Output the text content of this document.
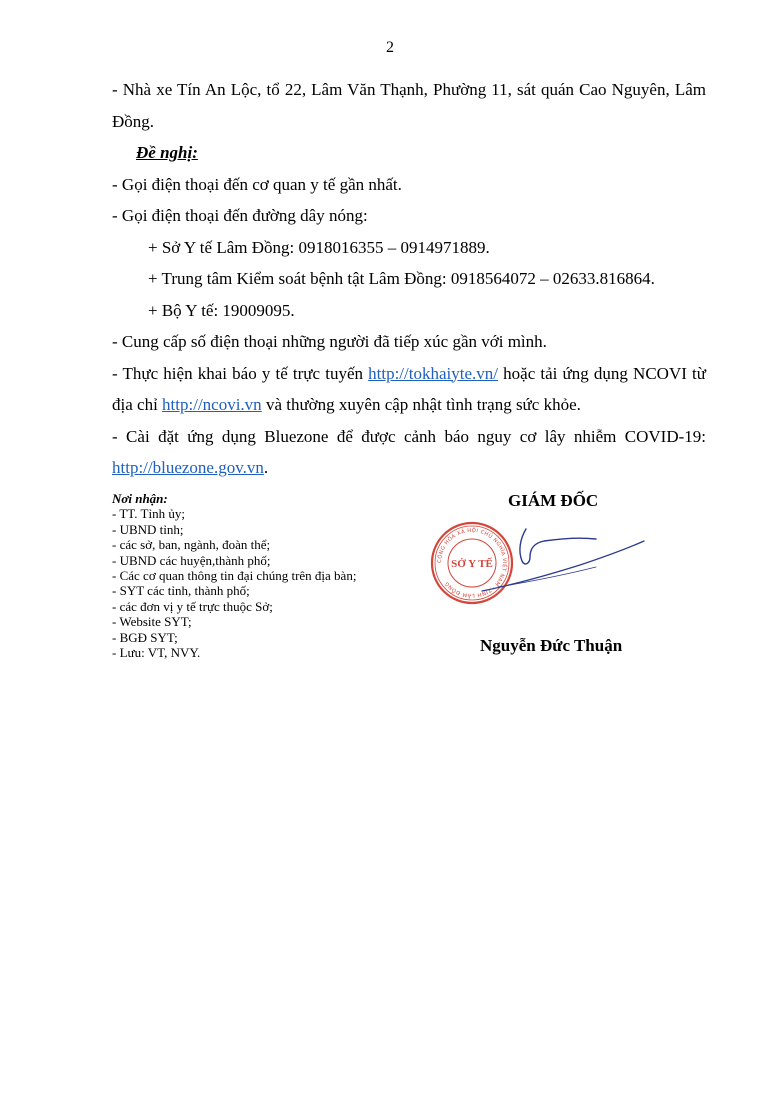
2

- Nhà xe Tín An Lộc, tổ 22, Lâm Văn Thạnh, Phường 11, sát quán Cao Nguyên, Lâm Đồng.

Đề nghị:

- Gọi điện thoại đến cơ quan y tế gần nhất.

- Gọi điện thoại đến đường dây nóng:

+ Sở Y tế Lâm Đồng: 0918016355 – 0914971889.

+ Trung tâm Kiểm soát bệnh tật Lâm Đồng: 0918564072 – 02633.816864.

+ Bộ Y tế: 19009095.

- Cung cấp số điện thoại những người đã tiếp xúc gần với mình.

- Thực hiện khai báo y tế trực tuyến http://tokhaiyte.vn/ hoặc tải ứng dụng NCOVI từ địa chỉ http://ncovi.vn và thường xuyên cập nhật tình trạng sức khỏe.

- Cài đặt ứng dụng Bluezone để được cảnh báo nguy cơ lây nhiễm COVID-19: http://bluezone.gov.vn.

Nơi nhận:
- TT. Tỉnh ủy;
- UBND tỉnh;
- các sở, ban, ngành, đoàn thể;
- UBND các huyện,thành phố;
- Các cơ quan thông tin đại chúng trên địa bàn;
- SYT các tỉnh, thành phố;
- các đơn vị y tế trực thuộc Sở;
- Website SYT;
- BGĐ SYT;
- Lưu: VT, NVY.
GIÁM ĐỐC
CỘNG HÒA XÃ HỘI CHỦ NGHĨA VIỆT NAM · TỈNH LÂM ĐỒNG
SỞ Y TẾ
Nguyễn Đức Thuận
